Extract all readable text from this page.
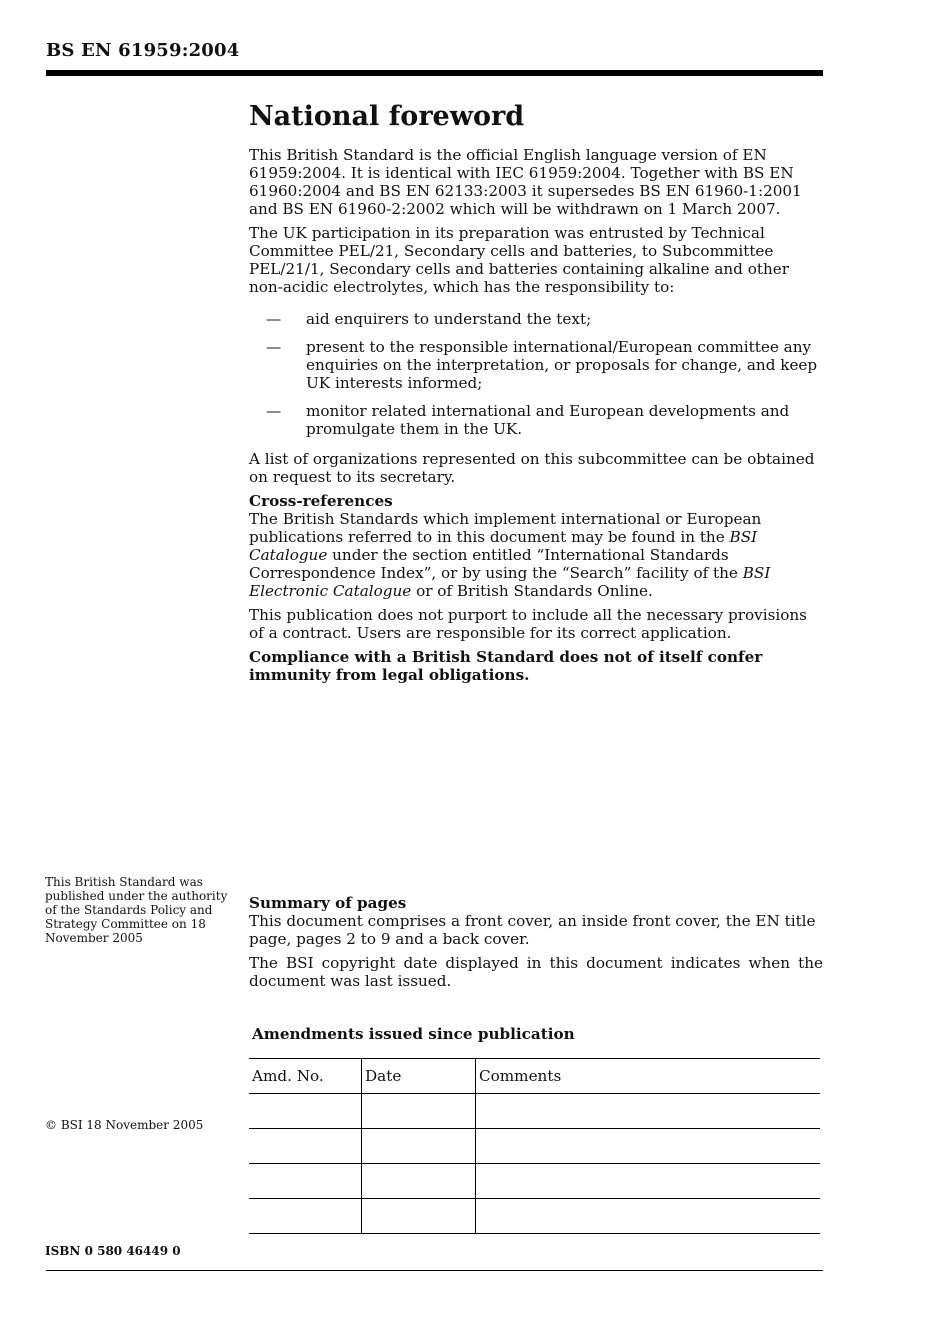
BS EN 61959:2004
National foreword

This British Standard is the official English language version of EN 61959:2004. It is identical with IEC 61959:2004. Together with BS EN 61960:2004 and BS EN 62133:2003 it supersedes BS EN 61960-1:2001 and BS EN 61960-2:2002 which will be withdrawn on 1 March 2007.

The UK participation in its preparation was entrusted by Technical Committee PEL/21, Secondary cells and batteries, to Subcommittee PEL/21/1, Secondary cells and batteries containing alkaline and other non-acidic electrolytes, which has the responsibility to:

— aid enquirers to understand the text;
— present to the responsible international/European committee any enquiries on the interpretation, or proposals for change, and keep UK interests informed;
— monitor related international and European developments and promulgate them in the UK.

A list of organizations represented on this subcommittee can be obtained on request to its secretary.

Cross-references

The British Standards which implement international or European publications referred to in this document may be found in the BSI Catalogue under the section entitled “International Standards Correspondence Index”, or by using the “Search” facility of the BSI Electronic Catalogue or of British Standards Online.

This publication does not purport to include all the necessary provisions of a contract. Users are responsible for its correct application.

Compliance with a British Standard does not of itself confer immunity from legal obligations.

This British Standard was published under the authority of the Standards Policy and Strategy Committee on 18 November 2005
Summary of pages

This document comprises a front cover, an inside front cover, the EN title page, pages 2 to 9 and a back cover.

The BSI copyright date displayed in this document indicates when the document was last issued.

Amendments issued since publication
Amd. No.	Date	Comments

© BSI 18 November 2005
ISBN 0 580 46449 0
